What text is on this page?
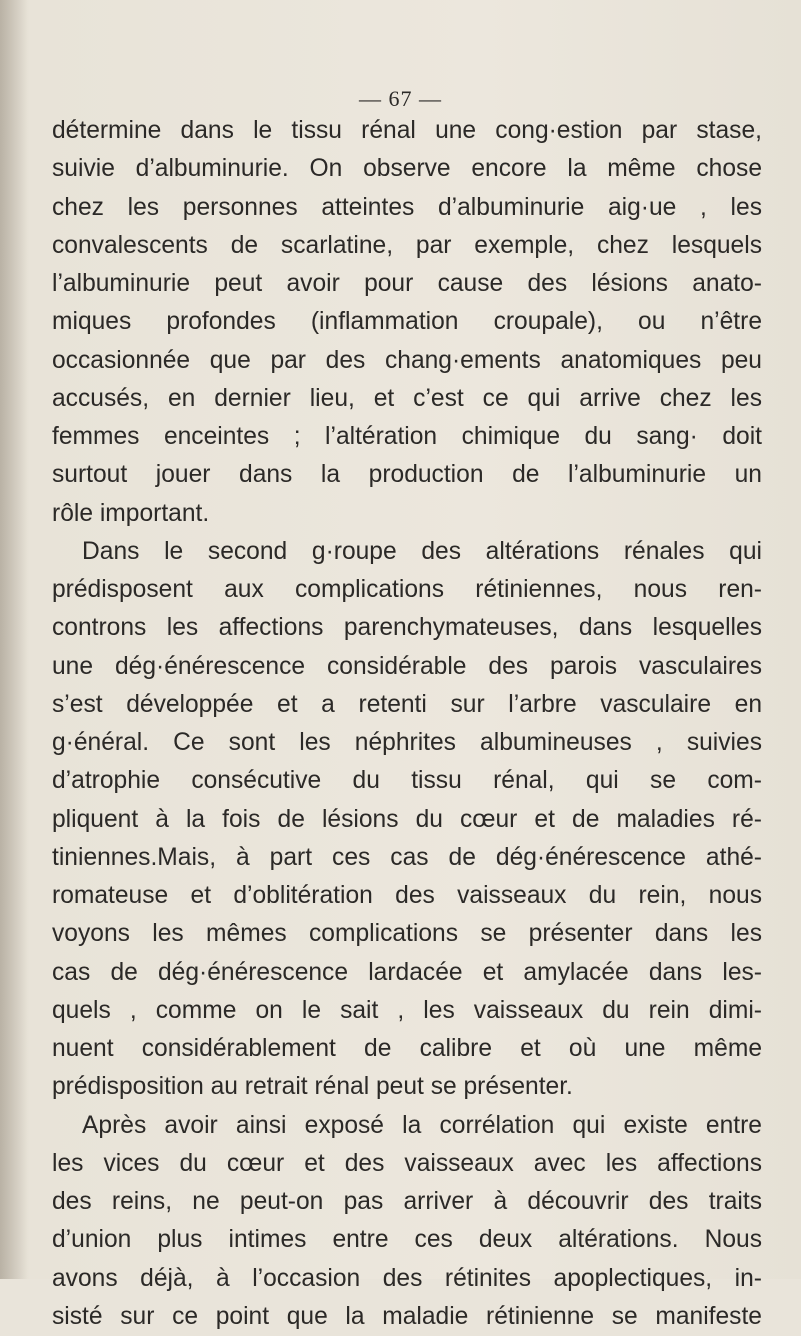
— 67 —
détermine dans le tissu rénal une cong·estion par stase,
suivie d’albuminurie. On observe encore la même chose
chez les personnes atteintes d’albuminurie aig·ue , les
convalescents de scarlatine, par exemple, chez lesquels
l’albuminurie peut avoir pour cause des lésions anato-
miques profondes (inflammation croupale), ou n’être
occasionnée que par des chang·ements anatomiques peu
accusés, en dernier lieu, et c’est ce qui arrive chez les
femmes enceintes ; l’altération chimique du sang· doit
surtout jouer dans la production de l’albuminurie un
rôle important.
Dans le second g·roupe des altérations rénales qui
prédisposent aux complications rétiniennes, nous ren-
controns les affections parenchymateuses, dans lesquelles
une dég·énérescence considérable des parois vasculaires
s’est développée et a retenti sur l’arbre vasculaire en
g·énéral. Ce sont les néphrites albumineuses , suivies
d’atrophie consécutive du tissu rénal, qui se com-
pliquent à la fois de lésions du cœur et de maladies ré-
tiniennes.Mais, à part ces cas de dég·énérescence athé-
romateuse et d’oblitération des vaisseaux du rein, nous
voyons les mêmes complications se présenter dans les
cas de dég·énérescence lardacée et amylacée dans les-
quels , comme on le sait , les vaisseaux du rein dimi-
nuent considérablement de calibre et où une même
prédisposition au retrait rénal peut se présenter.
Après avoir ainsi exposé la corrélation qui existe entre
les vices du cœur et des vaisseaux avec les affections
des reins, ne peut-on pas arriver à découvrir des traits
d’union plus intimes entre ces deux altérations. Nous
avons déjà, à l’occasion des rétinites apoplectiques, in-
sisté sur ce point que la maladie rétinienne se manifeste
